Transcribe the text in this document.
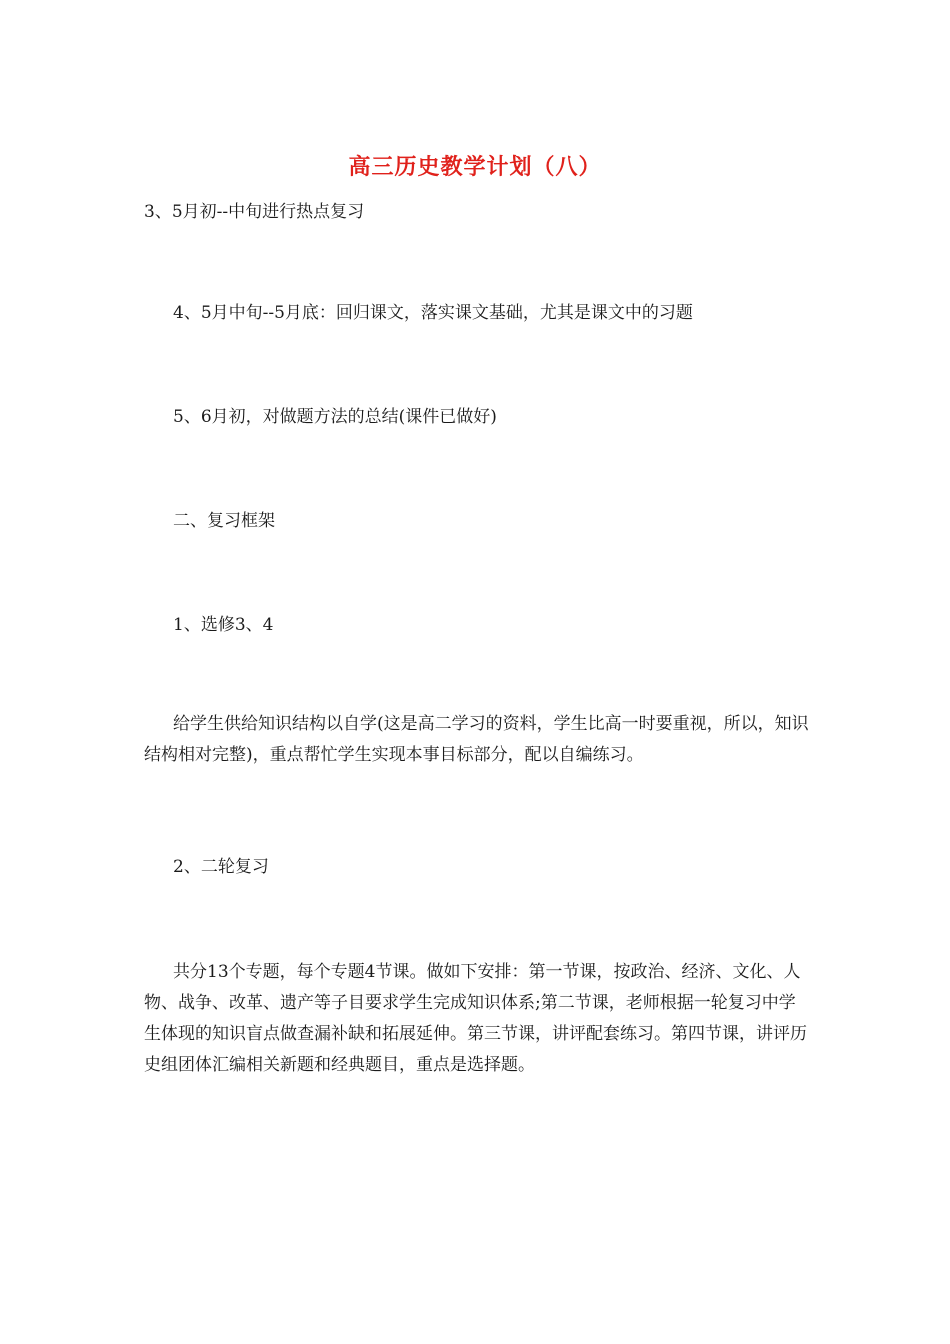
高三历史教学计划（八）

3、5月初--中旬进行热点复习

4、5月中旬--5月底：回归课文，落实课文基础，尤其是课文中的习题

5、6月初，对做题方法的总结(课件已做好)

二、复习框架

1、选修3、4

给学生供给知识结构以自学(这是高二学习的资料，学生比高一时要重视，所以，知识结构相对完整)，重点帮忙学生实现本事目标部分，配以自编练习。

2、二轮复习

共分13个专题，每个专题4节课。做如下安排：第一节课，按政治、经济、文化、人物、战争、改革、遗产等子目要求学生完成知识体系;第二节课，老师根据一轮复习中学生体现的知识盲点做查漏补缺和拓展延伸。第三节课，讲评配套练习。第四节课，讲评历史组团体汇编相关新题和经典题目，重点是选择题。
